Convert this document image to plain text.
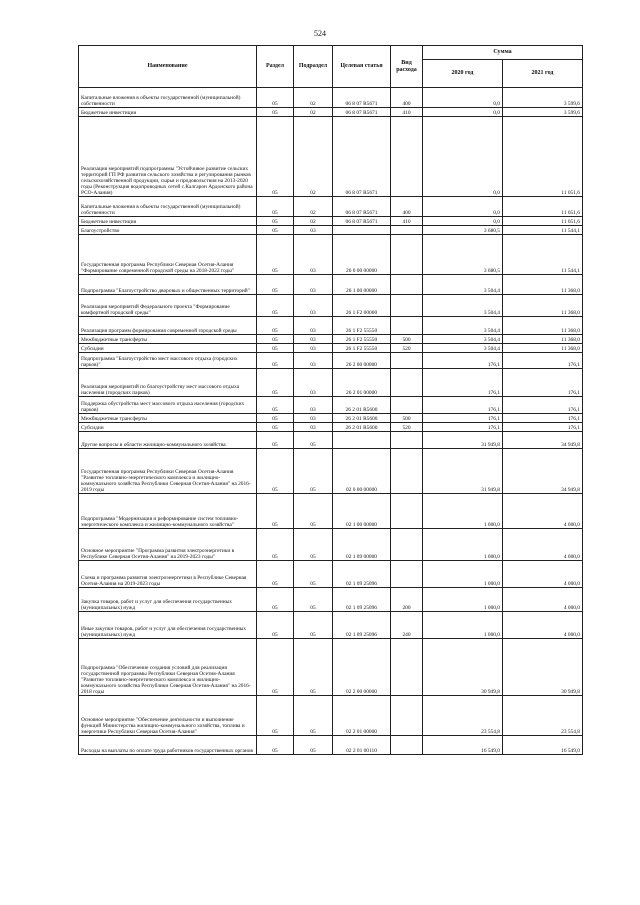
524
Наименование	Раздел	Подраздел	Целевая статья	Вид расхода	Сумма	
					2020 год	2021 год
Капитальные вложения в объекты государственной (муниципальной) собственности	05	02	06 8 07 R5671	400	0,0	3 599,6
Бюджетные инвестиции	05	02	06 8 07 R5671	410	0,0	3 599,6
Реализация мероприятий подпрограммы "Устойчивое развитие сельских территорий ГП РФ развития сельского хозяйства и регулирования рынков сельскохозяйственной продукции, сырья и продовольствия на 2013-2020 годы (Реконструкция водопроводных сетей с.Калгарон Ардонского района РСО-Алания)	05	02	06 8 07 R5671		0,0	11 051,6
Капитальные вложения в объекты государственной (муниципальной) собственности	05	02	06 8 07 R5671	400	0,0	11 051,6
Бюджетные инвестиции	05	02	06 8 07 R5671	410	0,0	11 051,6
Благоустройство	05	03			3 680,5	11 544,1
Государственная программа Республики Северная Осетия-Алания "Формирование современной городской среды на 2018-2022 годы"	05	03	26 0 00 00000		3 680,5	11 544,1
Подпрограмма "Благоустройство дворовых и общественных территорий"	05	03	26 1 00 00000		3 504,4	11 368,0
Реализация мероприятий Федерального проекта "Формирование комфортной городской среды"	05	03	26 1 F2 00000		3 504,4	11 368,0
Реализация программ формирования современной городской среды	05	03	26 1 F2 55550		3 504,4	11 368,0
Межбюджетные трансферты	05	03	26 1 F2 55550	500	3 504,4	11 368,0
Субсидии	05	03	26 1 F2 55550	520	3 504,4	11 368,0
Подпрограмма "Благоустройство мест массового отдыха (городских парков)"	05	03	26 2 00 00000		176,1	176,1
Реализация мероприятий по благоустройству мест массового отдыха населения (городских парков)	05	03	26 2 01 00000		176,1	176,1
Поддержка обустройства мест массового отдыха населения (городских парков)	05	03	26 2 01 R5600		176,1	176,1
Межбюджетные трансферты	05	03	26 2 01 R5600	500	176,1	176,1
Субсидии	05	03	26 2 01 R5600	520	176,1	176,1
Другие вопросы в области жилищно-коммунального хозяйства	05	05			31 949,8	34 949,8
Государственная программа Республики Северная Осетия-Алания "Развитие топливно-энергетического комплекса и жилищно-коммунального хозяйства Республики Северная Осетия-Алания" на 2016-2019 годы	05	05	02 0 00 00000		31 949,8	34 949,8
Подпрограмма "Модернизация и реформирование систем топливно-энергетического комплекса и жилищно-коммунального хозяйства"	05	05	02 1 00 00000		1 000,0	4 000,0
Основное мероприятие "Программа развития электроэнергетики в Республике Северная Осетия-Алания" на 2019-2023 годы"	05	05	02 1 09 00000		1 000,0	4 000,0
Схема и программа развития электроэнергетики в Республике Северная Осетия-Алания на 2019-2023 годы	05	05	02 1 09 25096		1 000,0	4 000,0
Закупка товаров, работ и услуг для обеспечения государственных (муниципальных) нужд	05	05	02 1 09 25096	200	1 000,0	4 000,0
Иные закупки товаров, работ и услуг для обеспечения государственных (муниципальных) нужд	05	05	02 1 09 25096	240	1 000,0	4 000,0
Подпрограмма "Обеспечение создания условий для реализации государственной программы Республики Северная Осетия-Алания "Развитие топливно-энергетического комплекса и жилищно-коммунального хозяйства Республики Северная Осетия-Алания" на 2016-2018 годы	05	05	02 2 00 00000		30 949,8	30 949,8
Основное мероприятие "Обеспечение деятельности и выполнение функций Министерства жилищно-коммунального хозяйства, топлива и энергетики Республики Северная Осетия-Алания"	05	05	02 2 01 00000		23 554,8	23 554,8
Расходы на выплаты по оплате труда работников государственных органов	05	05	02 2 01 00110		16 549,0	16 549,0
